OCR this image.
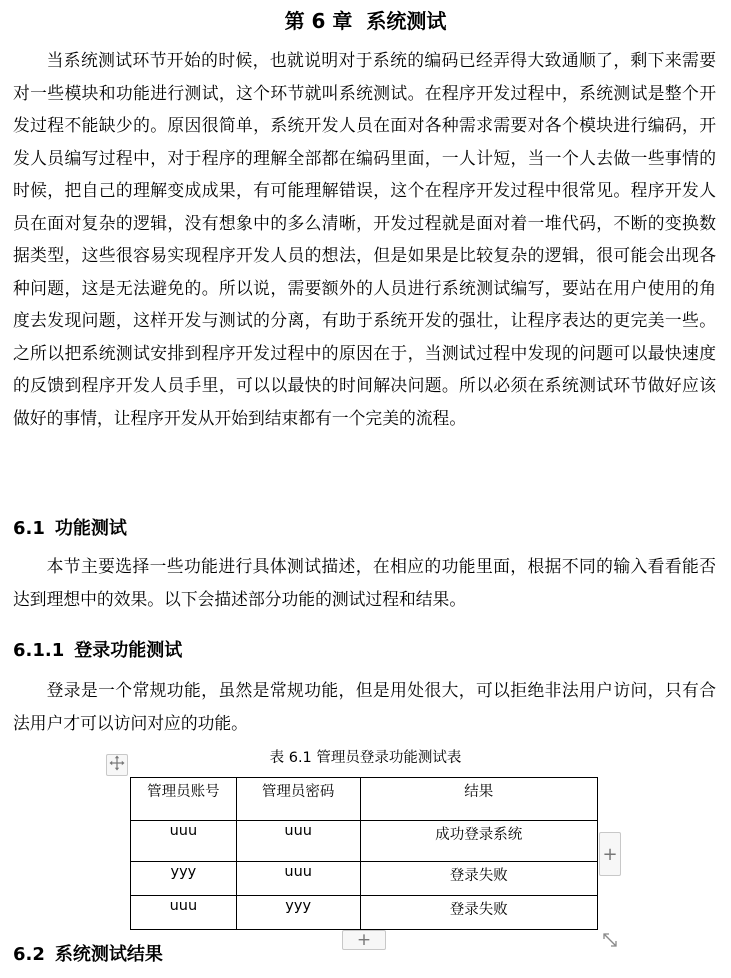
第 6 章 系统测试

当系统测试环节开始的时候，也就说明对于系统的编码已经弄得大致通顺了，剩下来需要对一些模块和功能进行测试，这个环节就叫系统测试。在程序开发过程中，系统测试是整个开发过程不能缺少的。原因很简单，系统开发人员在面对各种需求需要对各个模块进行编码，开发人员编写过程中，对于程序的理解全部都在编码里面，一人计短，当一个人去做一些事情的时候，把自己的理解变成成果，有可能理解错误，这个在程序开发过程中很常见。程序开发人员在面对复杂的逻辑，没有想象中的多么清晰，开发过程就是面对着一堆代码，不断的变换数据类型，这些很容易实现程序开发人员的想法，但是如果是比较复杂的逻辑，很可能会出现各种问题，这是无法避免的。所以说，需要额外的人员进行系统测试编写，要站在用户使用的角度去发现问题，这样开发与测试的分离，有助于系统开发的强壮，让程序表达的更完美一些。之所以把系统测试安排到程序开发过程中的原因在于，当测试过程中发现的问题可以最快速度的反馈到程序开发人员手里，可以以最快的时间解决问题。所以必须在系统测试环节做好应该做好的事情，让程序开发从开始到结束都有一个完美的流程。

6.1 功能测试

本节主要选择一些功能进行具体测试描述，在相应的功能里面，根据不同的输入看看能否达到理想中的效果。以下会描述部分功能的测试过程和结果。

6.1.1 登录功能测试

登录是一个常规功能，虽然是常规功能，但是用处很大，可以拒绝非法用户访问，只有合法用户才可以访问对应的功能。

表 6.1 管理员登录功能测试表
管理员账号	管理员密码	结果
uuu	uuu	成功登录系统
yyy	uuu	登录失败
uuu	yyy	登录失败
+
+
6.2 系统测试结果
